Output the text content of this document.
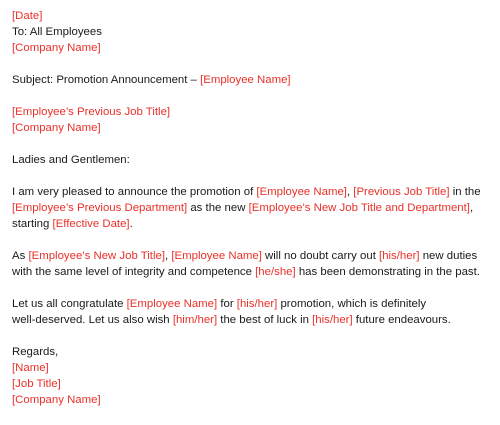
[Date]
To: All Employees
[Company Name]
Subject: Promotion Announcement – [Employee Name]
[Employee’s Previous Job Title]
[Company Name]
Ladies and Gentlemen:
I am very pleased to announce the promotion of [Employee Name], [Previous Job Title] in the
[Employee’s Previous Department] as the new [Employee’s New Job Title and Department],
starting [Effective Date].
As [Employee’s New Job Title], [Employee Name] will no doubt carry out [his/her] new duties
with the same level of integrity and competence [he/she] has been demonstrating in the past.
Let us all congratulate [Employee Name] for [his/her] promotion, which is definitely
well-deserved. Let us also wish [him/her] the best of luck in [his/her] future endeavours.
Regards,
[Name]
[Job Title]
[Company Name]
